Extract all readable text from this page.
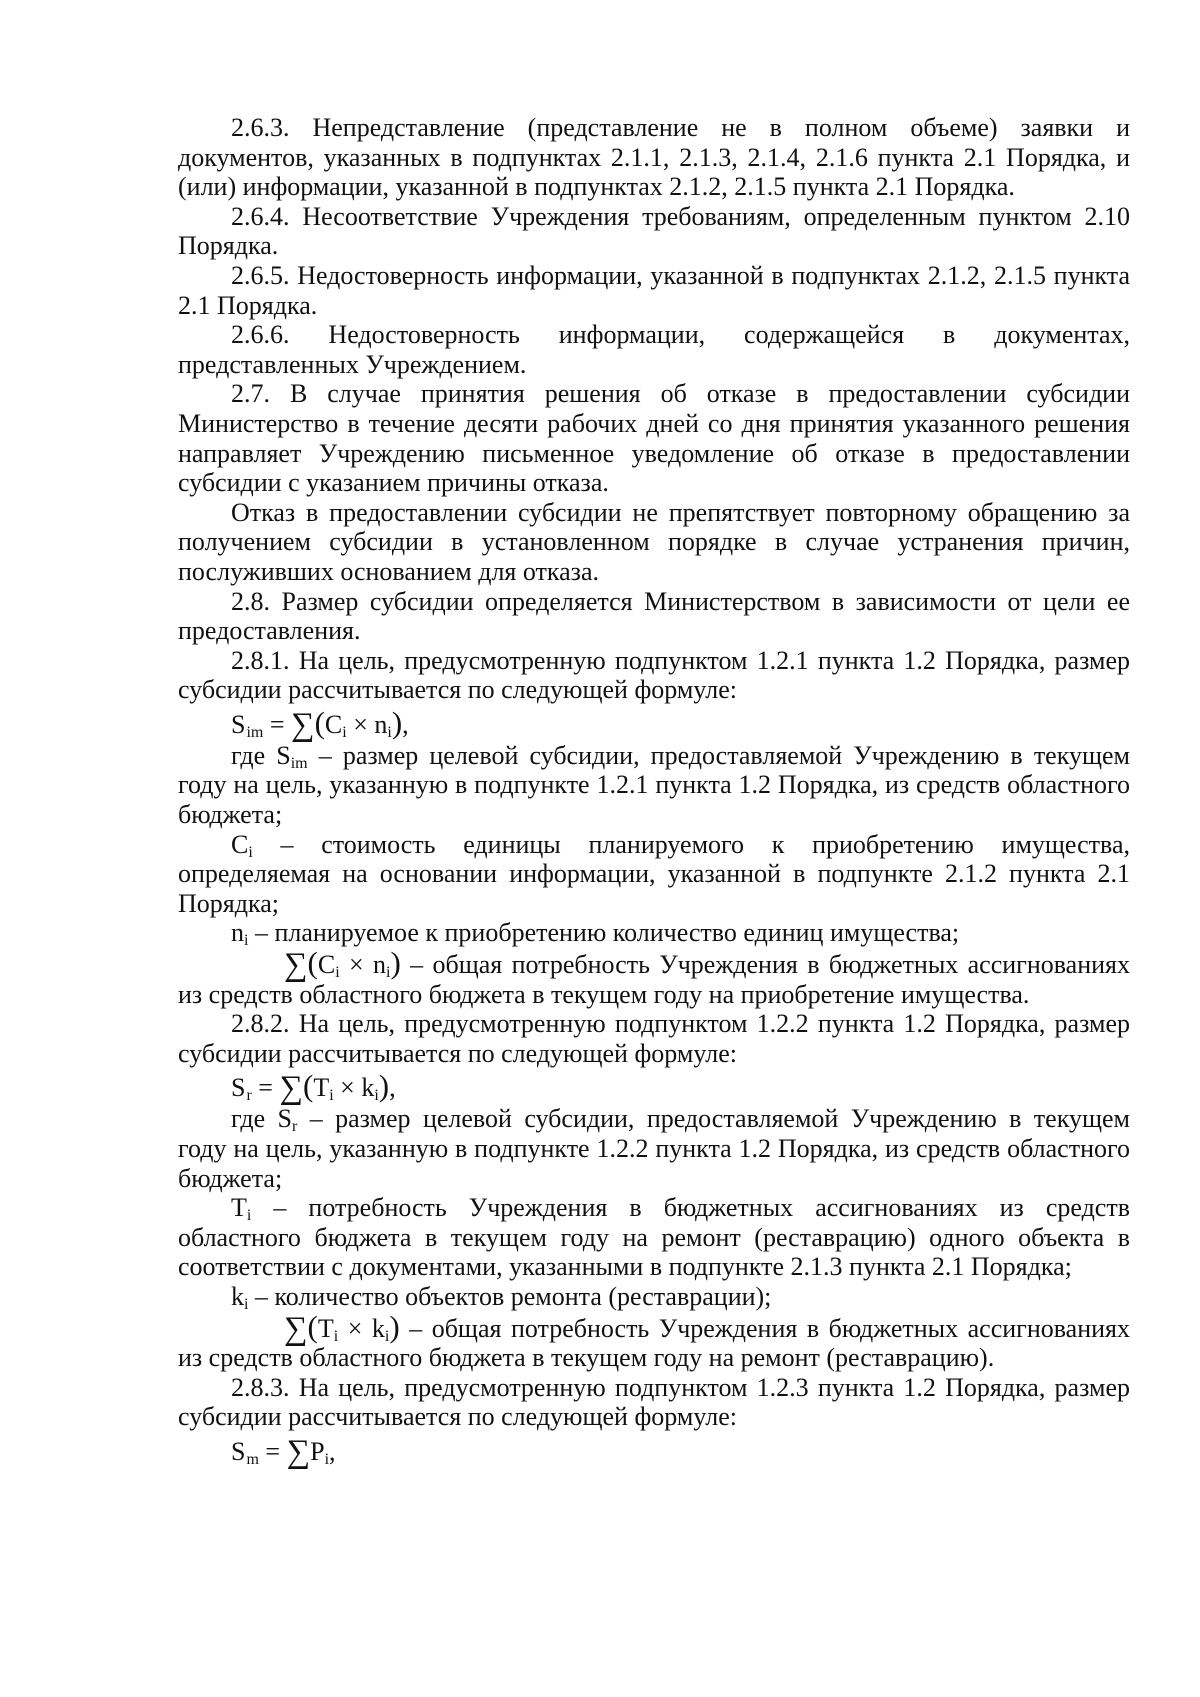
2.6.3. Непредставление (представление не в полном объеме) заявки и документов, указанных в подпунктах 2.1.1, 2.1.3, 2.1.4, 2.1.6 пункта 2.1 Порядка, и (или) информации, указанной в подпунктах 2.1.2, 2.1.5 пункта 2.1 Порядка.

2.6.4. Несоответствие Учреждения требованиям, определенным пунктом 2.10 Порядка.

2.6.5. Недостоверность информации, указанной в подпунктах 2.1.2, 2.1.5 пункта 2.1 Порядка.

2.6.6. Недостоверность информации, содержащейся в документах, представленных Учреждением.

2.7. В случае принятия решения об отказе в предоставлении субсидии Министерство в течение десяти рабочих дней со дня принятия указанного решения направляет Учреждению письменное уведомление об отказе в предоставлении субсидии с указанием причины отказа.

Отказ в предоставлении субсидии не препятствует повторному обращению за получением субсидии в установленном порядке в случае устранения причин, послуживших основанием для отказа.

2.8. Размер субсидии определяется Министерством в зависимости от цели ее предоставления.

2.8.1. На цель, предусмотренную подпунктом 1.2.1 пункта 1.2 Порядка, размер субсидии рассчитывается по следующей формуле:

$S_{im} = \sum(C_i \times n_i)$,

где $S_{im}$ – размер целевой субсидии, предоставляемой Учреждению в текущем году на цель, указанную в подпункте 1.2.1 пункта 1.2 Порядка, из средств областного бюджета;

$C_i$ – стоимость единицы планируемого к приобретению имущества, определяемая на основании информации, указанной в подпункте 2.1.2 пункта 2.1 Порядка;

$n_i$ – планируемое к приобретению количество единиц имущества;

$\sum(C_i \times n_i)$ – общая потребность Учреждения в бюджетных ассигнованиях из средств областного бюджета в текущем году на приобретение имущества.

2.8.2. На цель, предусмотренную подпунктом 1.2.2 пункта 1.2 Порядка, размер субсидии рассчитывается по следующей формуле:

$S_r = \sum(T_i \times k_i)$,

где $S_r$ – размер целевой субсидии, предоставляемой Учреждению в текущем году на цель, указанную в подпункте 1.2.2 пункта 1.2 Порядка, из средств областного бюджета;

$T_i$ – потребность Учреждения в бюджетных ассигнованиях из средств областного бюджета в текущем году на ремонт (реставрацию) одного объекта в соответствии с документами, указанными в подпункте 2.1.3 пункта 2.1 Порядка;

$k_i$ – количество объектов ремонта (реставрации);

$\sum(T_i \times k_i)$ – общая потребность Учреждения в бюджетных ассигнованиях из средств областного бюджета в текущем году на ремонт (реставрацию).

2.8.3. На цель, предусмотренную подпунктом 1.2.3 пункта 1.2 Порядка, размер субсидии рассчитывается по следующей формуле:

$S_m = \sum P_i$,
